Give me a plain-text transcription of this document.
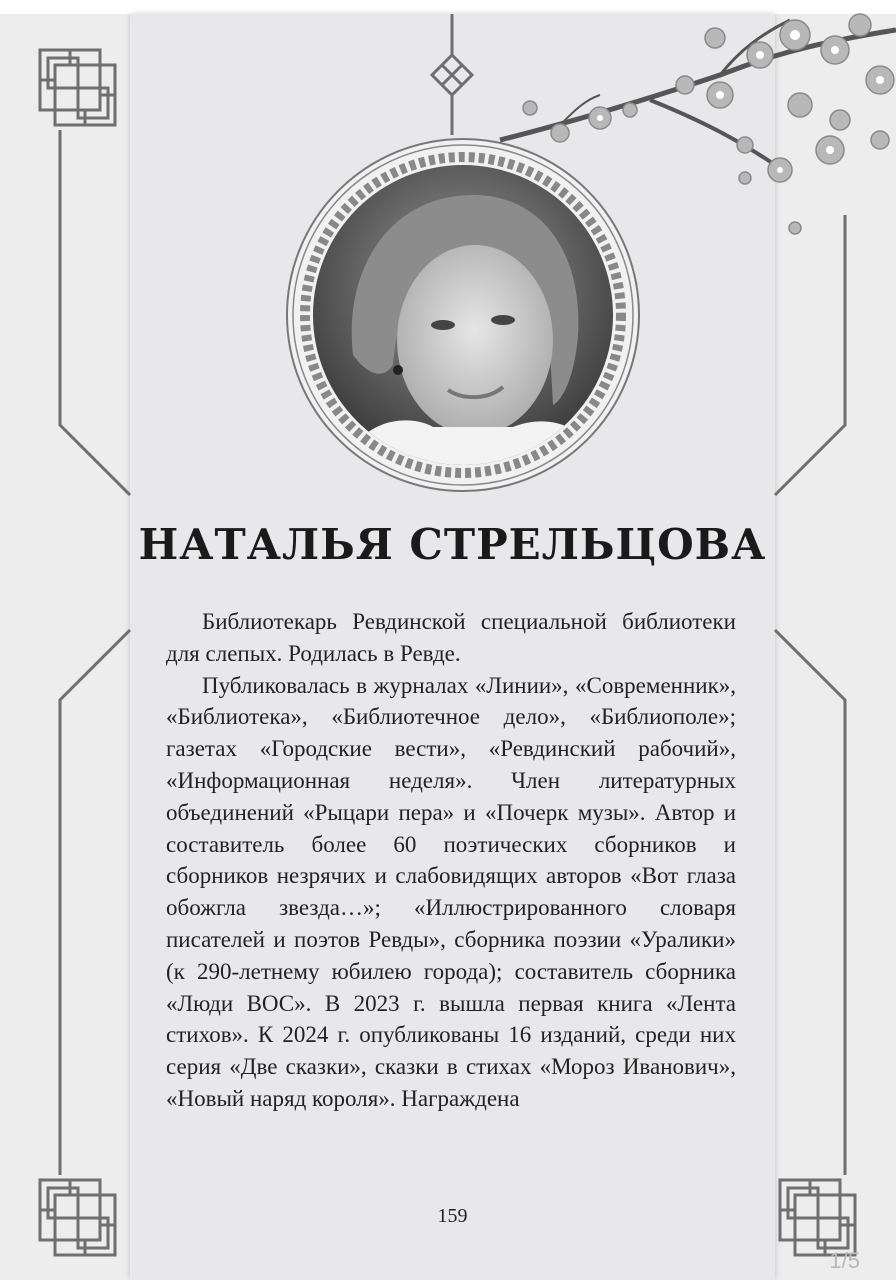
НАТАЛЬЯ СТРЕЛЬЦОВА

Библиотекарь Ревдинской специальной библиотеки для слепых. Родилась в Ревде.

Публиковалась в журналах «Линии», «Современник», «Библиотека», «Библиотечное дело», «Библиополе»; газетах «Городские вести», «Ревдинский рабочий», «Информационная неделя». Член литературных объединений «Рыцари пера» и «Почерк музы». Автор и составитель более 60 поэтических сборников и сборников незрячих и слабовидящих авторов «Вот глаза обожгла звезда…»; «Иллюстрированного словаря писателей и поэтов Ревды», сборника поэзии «Уралики» (к 290-летнему юбилею города); составитель сборника «Люди ВОС». В 2023 г. вышла первая книга «Лента стихов». К 2024 г. опубликованы 16 изданий, среди них серия «Две сказки», сказки в стихах «Мороз Иванович», «Новый наряд короля». Награждена

159
1/5
